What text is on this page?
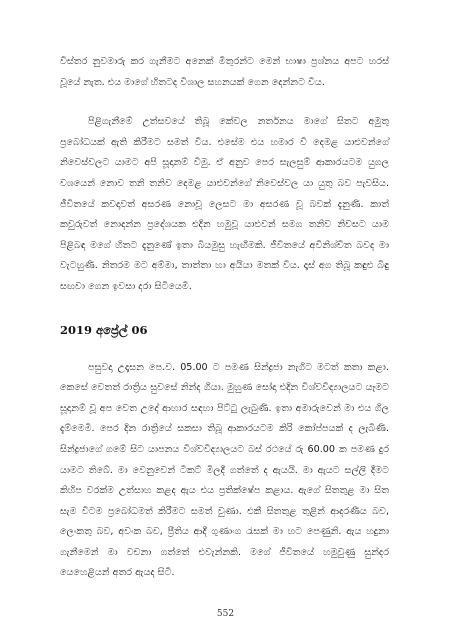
විස්තර නුවමාරු කර ගැනීමට අනෙක් මිතුරන්ට මෙන් භාෂා ප්‍රශ්නය අපට හරස් වූයේ නැත. එය මාගේ හිතටද විශාල සහනයක් ගෙන දෙන්නට විය.

පිළිගැනීමේ උත්සවයේ තිබූ කේවල නර්තනය මාගේ සිතට අමුතු ප්‍රබෝධයක් ඇති කිරීමට සමත් විය. එසේම එය හමාර වී දෙමළ යාළුවන්ගේ නිවෙස්වලට යාමට අපි සූදානම් වීමු. ඒ අනුව පෙර සැලසුම් ආකාරයටම යුගල වශයෙන් නොව තනි තනිව දෙමළ යාළුවන්ගේ නිවෙස්වල යා යුතු බව පැවසිය. ජීවිතයේ කවදාවත් අසරණ නොවූ ලෙසට මා අසරණ වූ බවක් දැනුණි. කාත් කවුරුවත් නොදන්න ප්‍රදේශයක එදින හමුවූ යාළුවන් සමග තනිව නිවසට යාම පිළිබඳ මගේ හිතට දැනුණේ ඉතා බියමුසු හැඟීමකි. ජීවිතයේ අවිනිශ්චිත බවද මා වැටහුණි. නිතරම මට අම්මා, තාත්තා හා අයියා මතක් විය. දෑස් අග තිබූ කඳුළු බිඳු සඟවා ගෙන ඉවසා දරා සිටියෙමි.

2019 අප්‍රේල් 06

පසුවදා උදෑසන පෙ.ව. 05.00 ට පමණ සින්ද්‍රජා නැගිට මටත් කතා කළා. කෙසේ වෙතත් රාත්‍රිය සුවසේ නින්ද ගියා. මුහුණ සෝදා එදින විශ්වවිද්‍යාලයට යෑමට සූදානම් වූ අප වෙත උදේ ආහාර සඳහා පිට්ටු ලැබුණි. ඉතා අමාරුවෙන් මා එය ගිල දැම්මෙමි. පෙර දින රාත්‍රියේ සකසා තිබූ ආකාරයටම කිරි කෝප්පයක් ද ලැබිණි. සින්ද්‍රජාගේ ගමේ සිට යාපනය විශ්වවිද්‍යාලයට බස් රථයේ රු 60.00 ක පමණ දුර යාමට තිබේ. මා වෙනුවෙන් ටිකට් මිලදී ගත්තේ ද ඇයයි. මා ඇයට සල්ලි දීමට කිහිප වරක්ම උත්සාහ කළද ඇය එය ප්‍රතික්ෂේප කළාය. ඇගේ සිතතුළ මා සිත සැම විටම ප්‍රබෝධමත් කිරීමට සමත් වුණා. එකී සිතතුළ තුළින් ආදරණීය බව, ලෙංකතු බව, අවංක බව, ප්‍රීතිය ආදී ගුණාංග රැසක් මා හට පෙණුනි. ඇය හදුනා ගැනීමෙන් මා වචනා ගත්තේ එවැන්නකි. මගේ ජීවිතයේ හමුවුණු සුන්දර යෙහෙළියන් අතර ඇයද සිටී.

552
